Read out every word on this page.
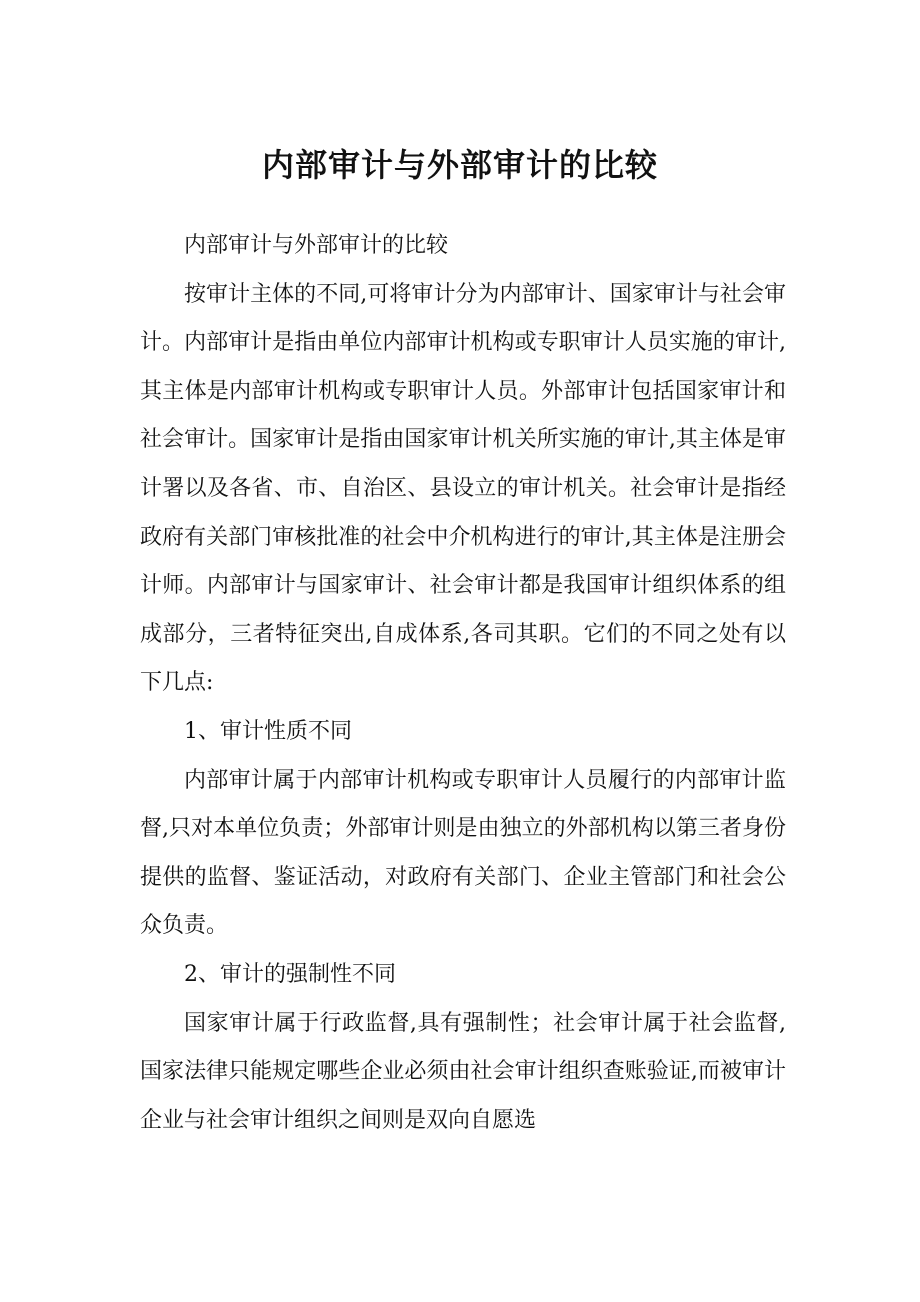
内部审计与外部审计的比较

内部审计与外部审计的比较

按审计主体的不同,可将审计分为内部审计、国家审计与社会审计。内部审计是指由单位内部审计机构或专职审计人员实施的审计,其主体是内部审计机构或专职审计人员。外部审计包括国家审计和社会审计。国家审计是指由国家审计机关所实施的审计,其主体是审计署以及各省、市、自治区、县设立的审计机关。社会审计是指经政府有关部门审核批准的社会中介机构进行的审计,其主体是注册会计师。内部审计与国家审计、社会审计都是我国审计组织体系的组成部分，三者特征突出,自成体系,各司其职。它们的不同之处有以下几点:

1、审计性质不同

内部审计属于内部审计机构或专职审计人员履行的内部审计监督,只对本单位负责；外部审计则是由独立的外部机构以第三者身份提供的监督、鉴证活动，对政府有关部门、企业主管部门和社会公众负责。

2、审计的强制性不同

国家审计属于行政监督,具有强制性；社会审计属于社会监督,国家法律只能规定哪些企业必须由社会审计组织查账验证,而被审计企业与社会审计组织之间则是双向自愿选
